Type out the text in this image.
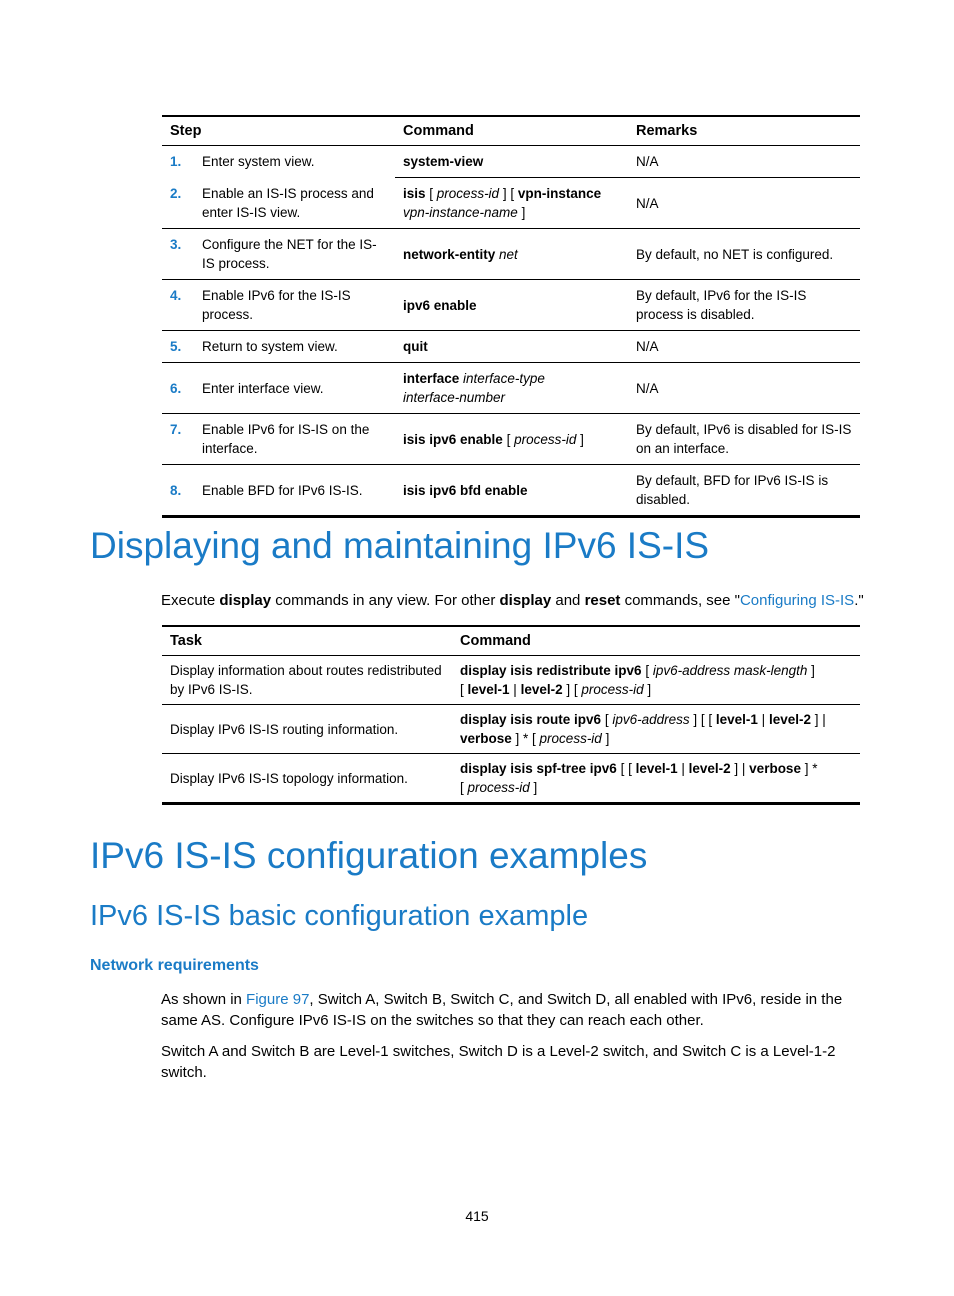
Step	Command	Remarks

1.	Enter system view.	system-view	N/A

2. Enable an IS-IS process and enter IS-IS view.	isis [ process-id ] [ vpn-instance
vpn-instance-name ]	N/A

3. Configure the NET for the IS-IS process.	network-entity net	By default, no NET is configured.

4. Enable IPv6 for the IS-IS process.	ipv6 enable	By default, IPv6 for the IS-IS process is disabled.

5. Return to system view.	quit	N/A

6. Enter interface view.	interface interface-type
interface-number	N/A

7. Enable IPv6 for IS-IS on the interface.	isis ipv6 enable [ process-id ]	By default, IPv6 is disabled for IS-IS on an interface.

8. Enable BFD for IPv6 IS-IS.	isis ipv6 bfd enable	By default, BFD for IPv6 IS-IS is disabled.
Displaying and maintaining IPv6 IS-IS

Execute display commands in any view. For other display and reset commands, see "Configuring IS-IS."

Task	Command
Display information about routes redistributed by IPv6 IS-IS.	display isis redistribute ipv6 [ ipv6-address mask-length ]
[ level-1 | level-2 ] [ process-id ]
Display IPv6 IS-IS routing information.	display isis route ipv6 [ ipv6-address ] [ [ level-1 | level-2 ] |
verbose ] * [ process-id ]
Display IPv6 IS-IS topology information.	display isis spf-tree ipv6 [ [ level-1 | level-2 ] | verbose ] *
[ process-id ]
IPv6 IS-IS configuration examples
IPv6 IS-IS basic configuration example
Network requirements

As shown in Figure 97, Switch A, Switch B, Switch C, and Switch D, all enabled with IPv6, reside in the same AS. Configure IPv6 IS-IS on the switches so that they can reach each other.

Switch A and Switch B are Level-1 switches, Switch D is a Level-2 switch, and Switch C is a Level-1-2 switch.

415
